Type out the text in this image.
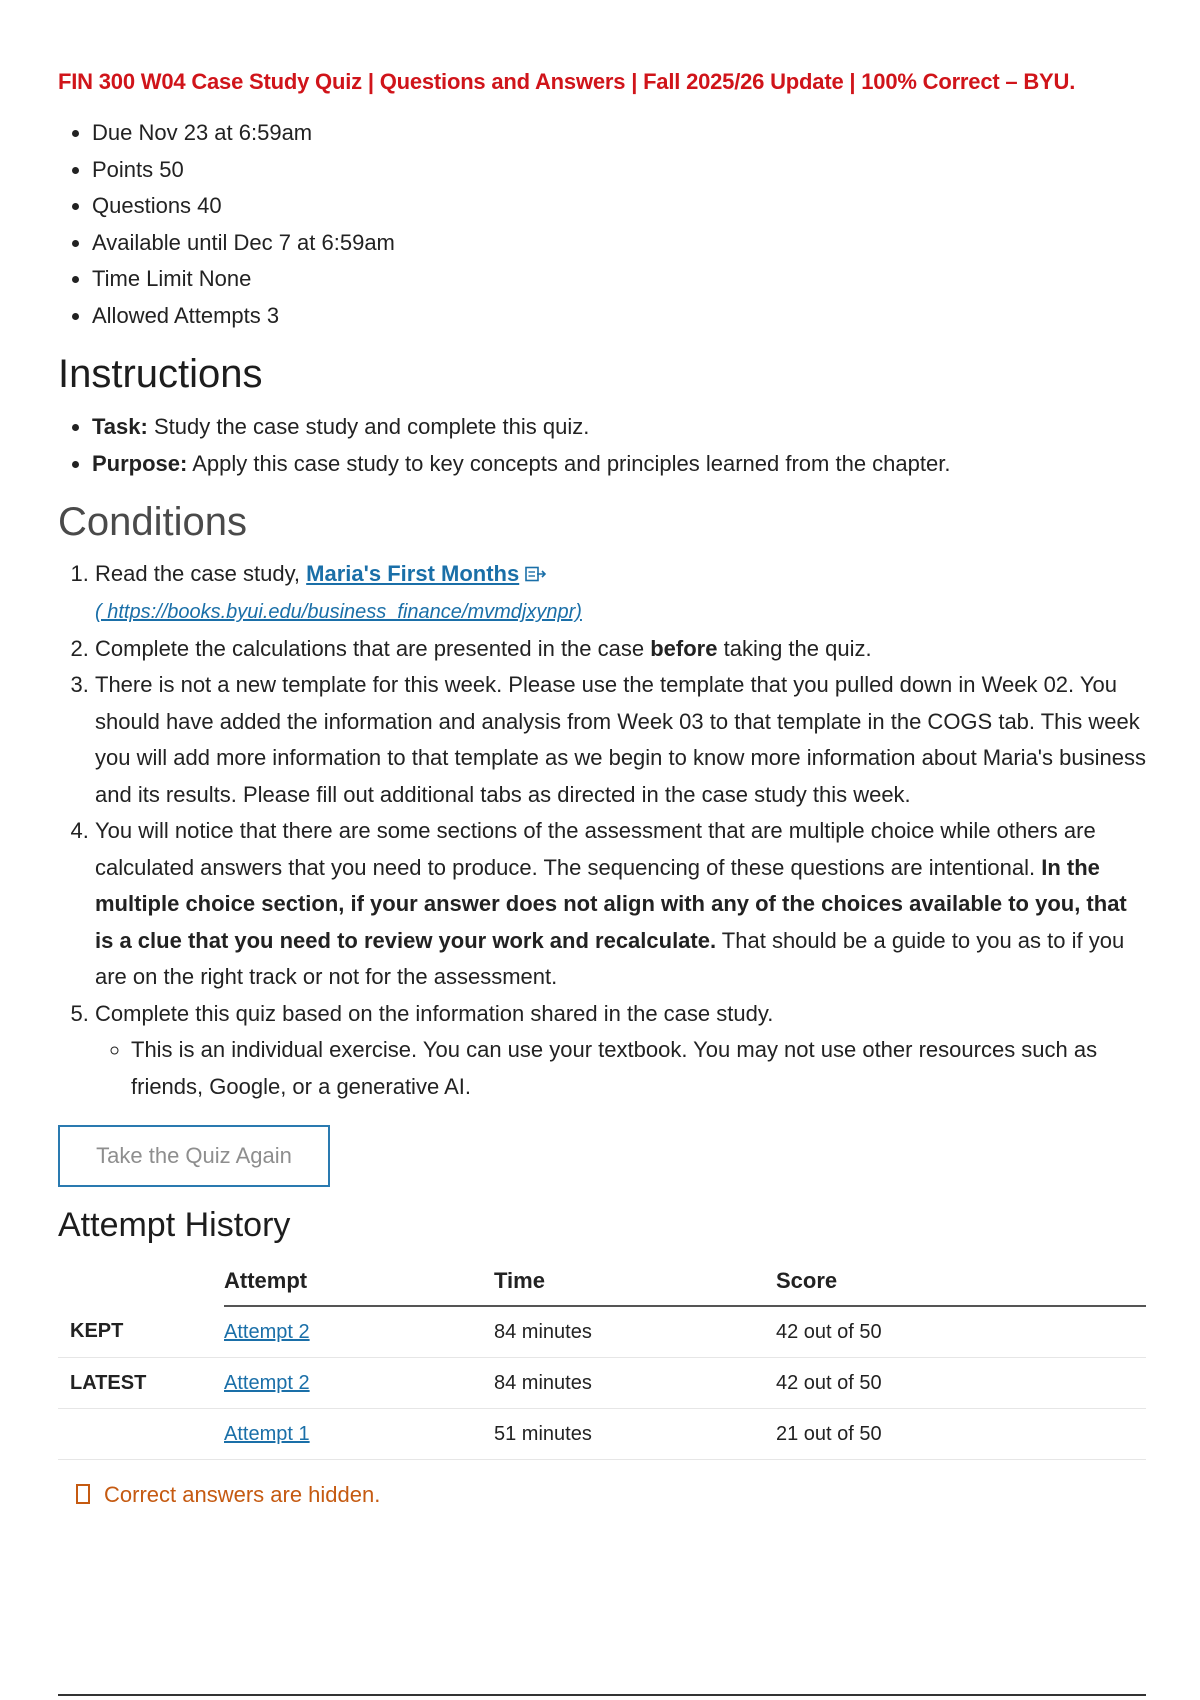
FIN 300 W04 Case Study Quiz | Questions and Answers | Fall 2025/26 Update | 100% Correct – BYU.
• Due Nov 23 at 6:59am
• Points 50
• Questions 40
• Available until Dec 7 at 6:59am
• Time Limit None
• Allowed Attempts 3
Instructions
• Task: Study the case study and complete this quiz.
• Purpose: Apply this case study to key concepts and principles learned from the chapter.
Conditions
1. Read the case study, Maria's First Months
( https://books.byui.edu/business_finance/mvmdjxynpr)
2. Complete the calculations that are presented in the case before taking the quiz.
3. There is not a new template for this week. Please use the template that you pulled down in Week 02. You should have added the information and analysis from Week 03 to that template in the COGS tab. This week you will add more information to that template as we begin to know more information about Maria's business and its results. Please fill out additional tabs as directed in the case study this week.
4. You will notice that there are some sections of the assessment that are multiple choice while others are calculated answers that you need to produce. The sequencing of these questions are intentional. In the multiple choice section, if your answer does not align with any of the choices available to you, that is a clue that you need to review your work and recalculate. That should be a guide to you as to if you are on the right track or not for the assessment.
5. Complete this quiz based on the information shared in the case study.
◦ This is an individual exercise. You can use your textbook. You may not use other resources such as friends, Google, or a generative AI.
Take the Quiz Again
Attempt History
	Attempt	Time	Score
KEPT	Attempt 2	84 minutes	42 out of 50
LATEST	Attempt 2	84 minutes	42 out of 50
	Attempt 1	51 minutes	21 out of 50
Correct answers are hidden.
